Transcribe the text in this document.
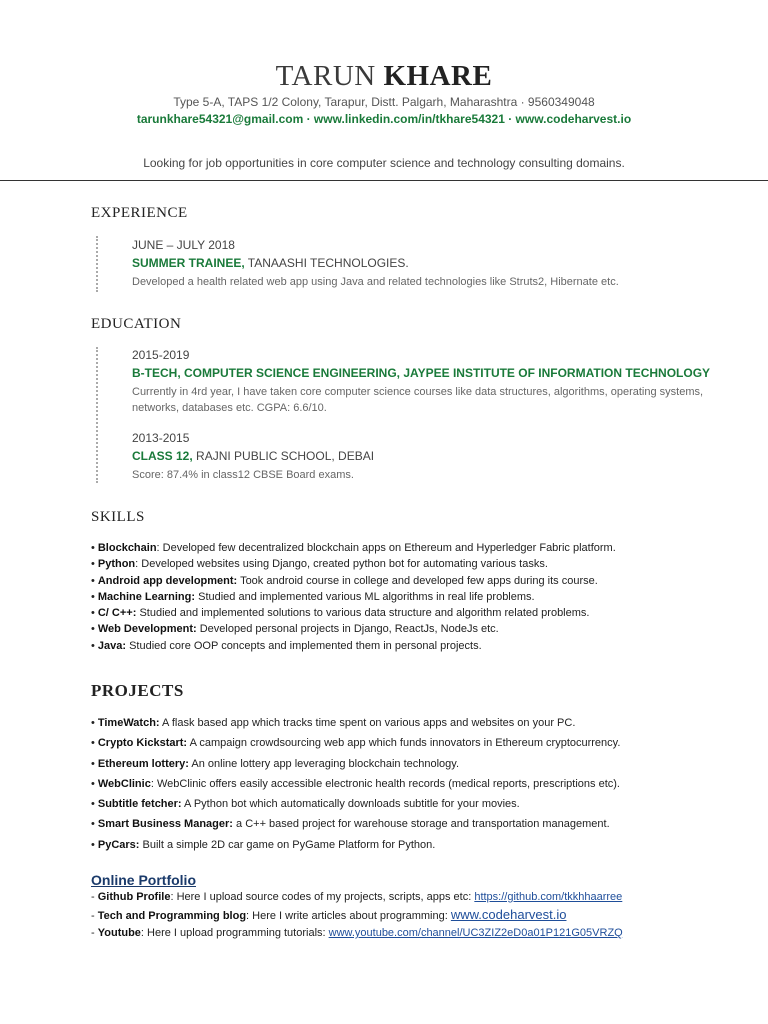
TARUN KHARE
Type 5-A, TAPS 1/2 Colony, Tarapur, Distt. Palgarh, Maharashtra · 9560349048
tarunkhare54321@gmail.com · www.linkedin.com/in/tkhare54321 · www.codeharvest.io
Looking for job opportunities in core computer science and technology consulting domains.
EXPERIENCE
JUNE – JULY 2018
SUMMER TRAINEE, TANAASHI TECHNOLOGIES.
Developed a health related web app using Java and related technologies like Struts2, Hibernate etc.
EDUCATION
2015-2019
B-TECH, COMPUTER SCIENCE ENGINEERING, JAYPEE INSTITUTE OF INFORMATION TECHNOLOGY
Currently in 4rd year, I have taken core computer science courses like data structures, algorithms, operating systems, networks, databases etc. CGPA: 6.6/10.
2013-2015
CLASS 12, RAJNI PUBLIC SCHOOL, DEBAI
Score: 87.4% in class12 CBSE Board exams.
SKILLS
• Blockchain: Developed few decentralized blockchain apps on Ethereum and Hyperledger Fabric platform.
• Python: Developed websites using Django, created python bot for automating various tasks.
• Android app development: Took android course in college and developed few apps during its course.
• Machine Learning: Studied and implemented various ML algorithms in real life problems.
• C/ C++: Studied and implemented solutions to various data structure and algorithm related problems.
• Web Development: Developed personal projects in Django, ReactJs, NodeJs etc.
• Java: Studied core OOP concepts and implemented them in personal projects.
PROJECTS
• TimeWatch: A flask based app which tracks time spent on various apps and websites on your PC.
• Crypto Kickstart: A campaign crowdsourcing web app which funds innovators in Ethereum cryptocurrency.
• Ethereum lottery: An online lottery app leveraging blockchain technology.
• WebClinic: WebClinic offers easily accessible electronic health records (medical reports, prescriptions etc).
• Subtitle fetcher: A Python bot which automatically downloads subtitle for your movies.
• Smart Business Manager: a C++ based project for warehouse storage and transportation management.
• PyCars: Built a simple 2D car game on PyGame Platform for Python.
Online Portfolio
- Github Profile: Here I upload source codes of my projects, scripts, apps etc: https://github.com/tkkhhaarree
- Tech and Programming blog: Here I write articles about programming: www.codeharvest.io
- Youtube: Here I upload programming tutorials: www.youtube.com/channel/UC3ZIZ2eD0a01P121G05VRZQ
